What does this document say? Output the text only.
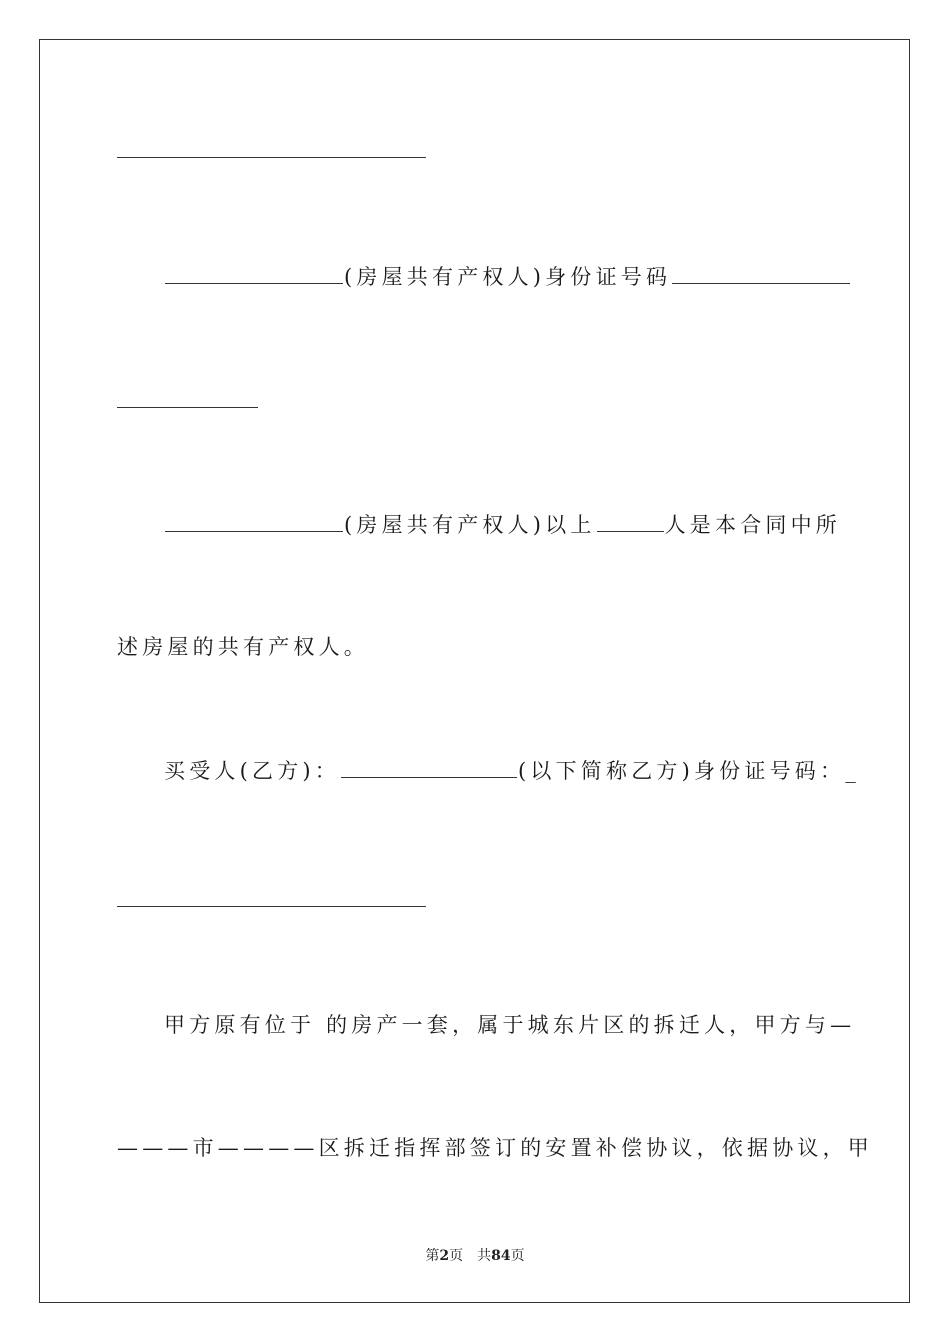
(房屋共有产权人)身份证号码
(房屋共有产权人)以上	人是本合同中所
述房屋的共有产权人。
买受人(乙方)：	(以下简称乙方)身份证号码：_
甲方原有位于 的房产一套，属于城东片区的拆迁人，甲方与—
———市————区拆迁指挥部签订的安置补偿协议，依据协议，甲
第2页 共84页
